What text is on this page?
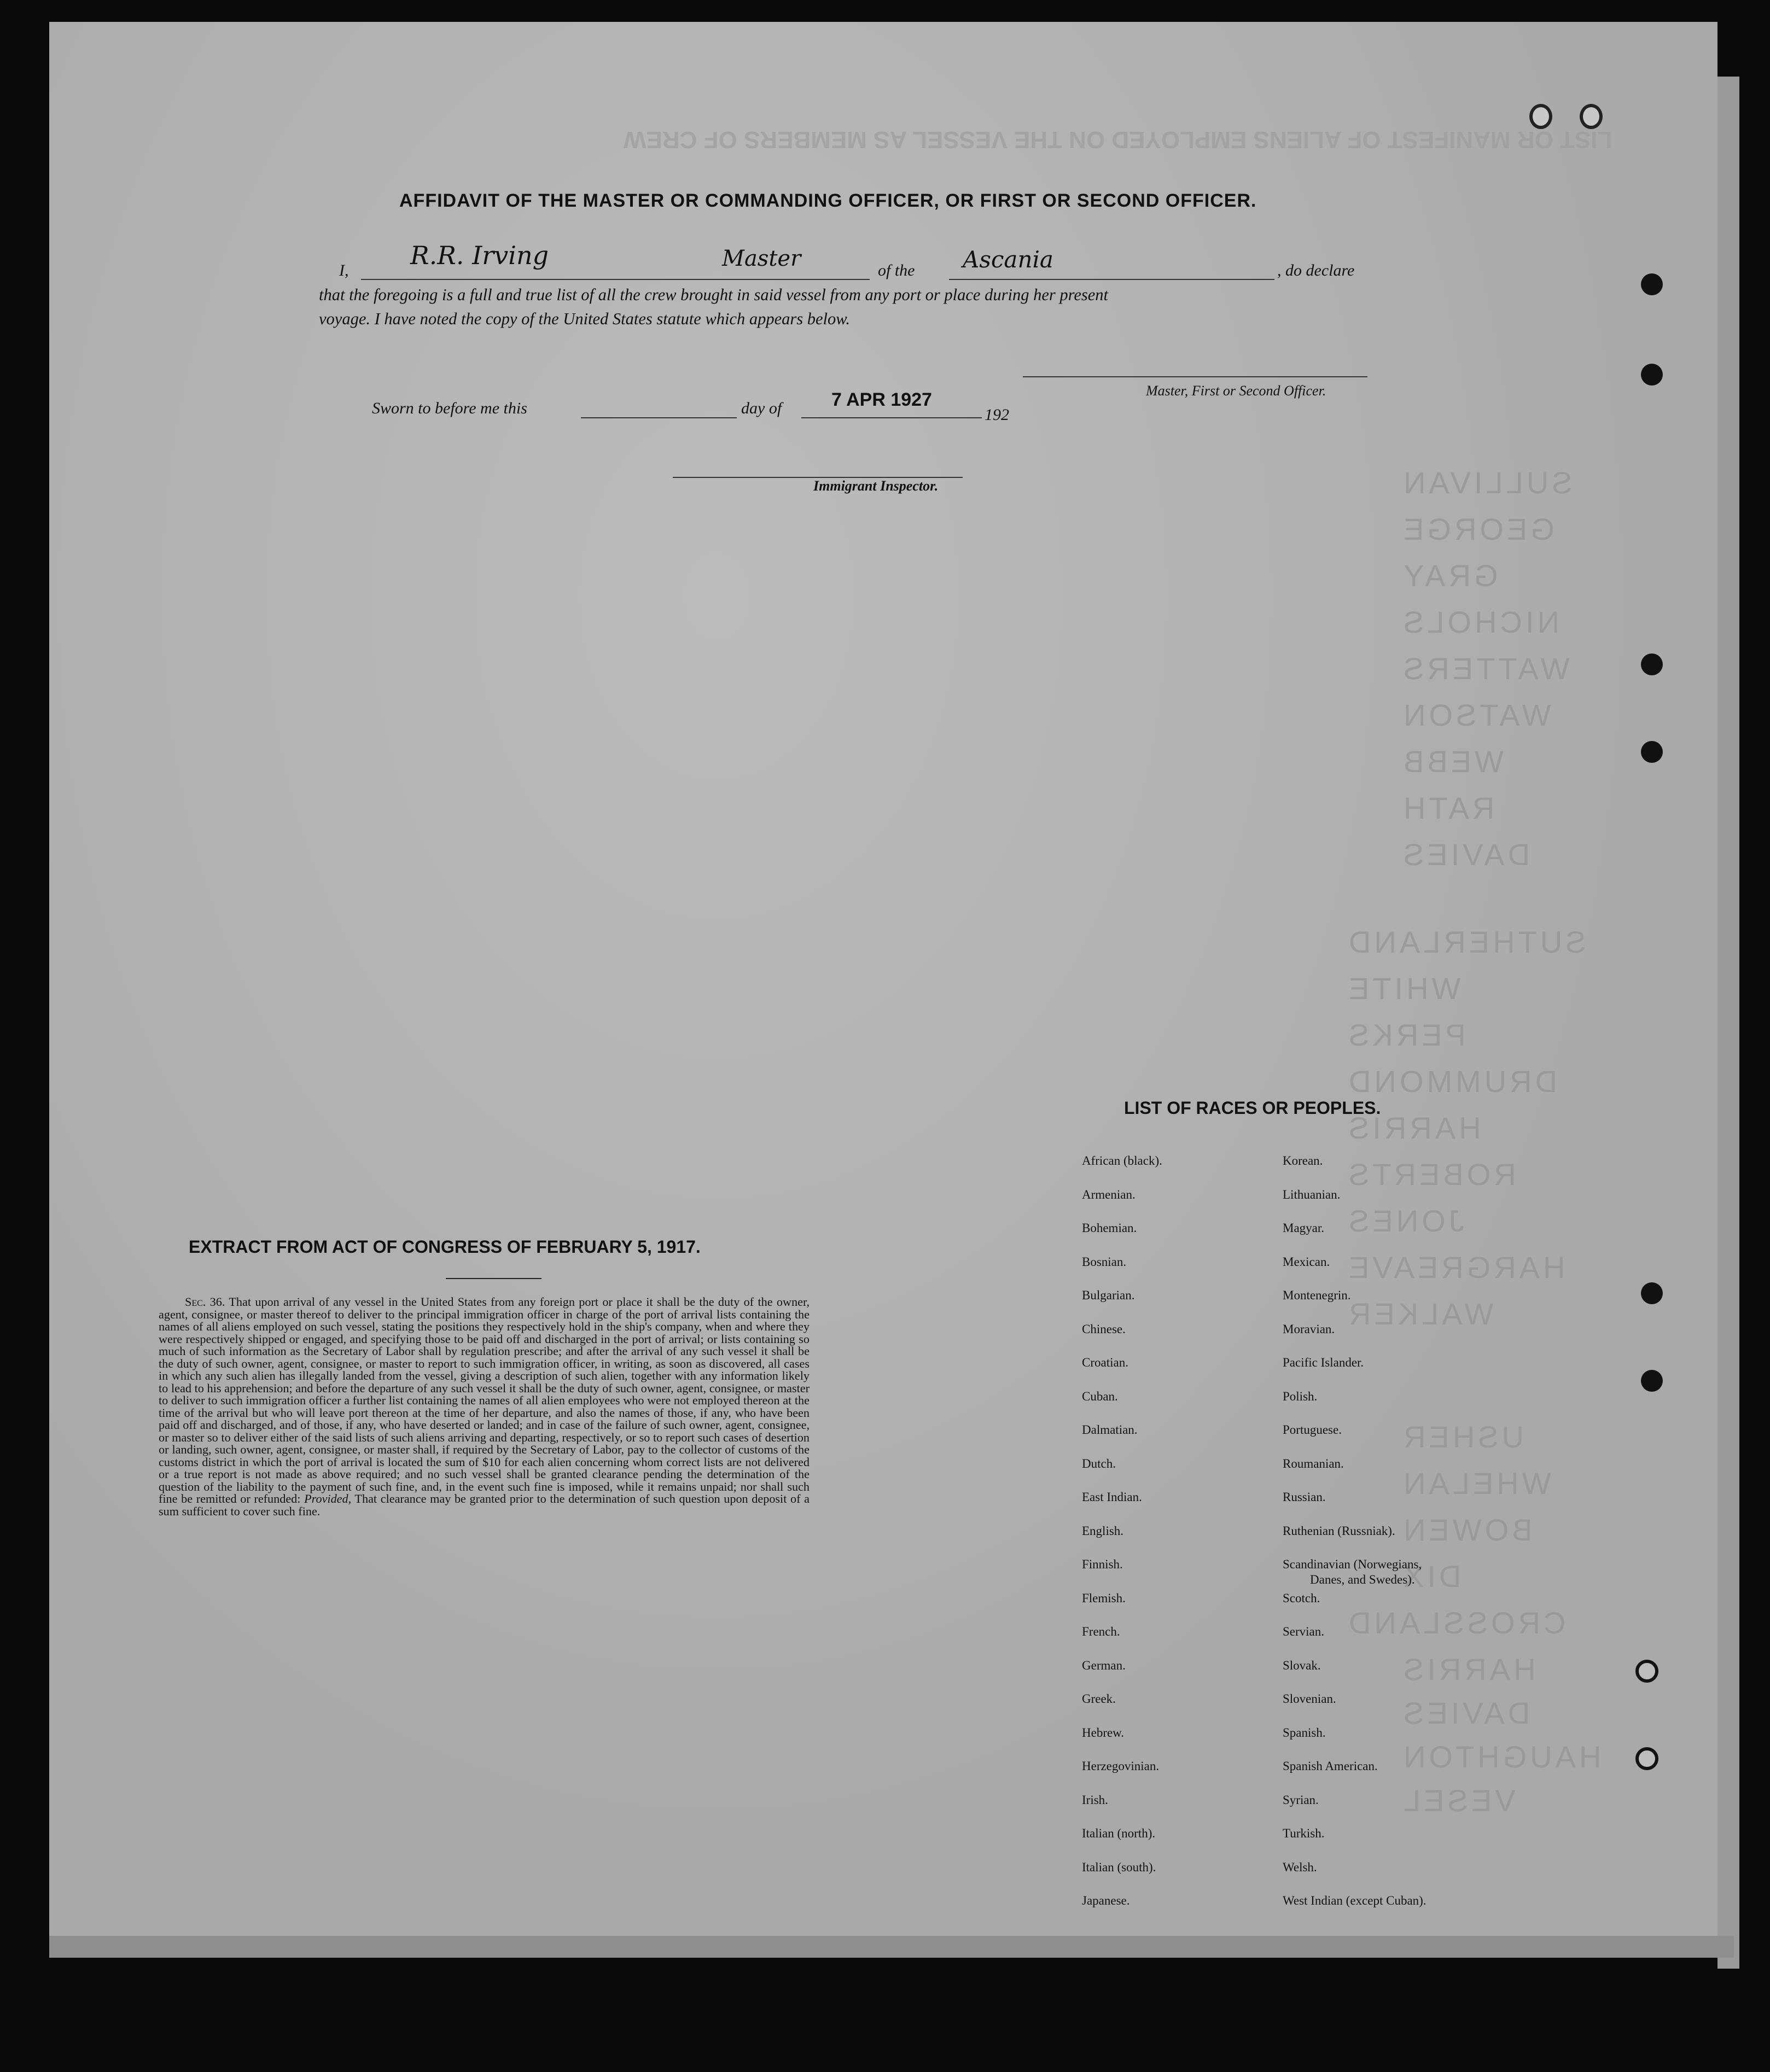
LIST OR MANIFEST OF ALIENS EMPLOYED ON THE VESSEL AS MEMBERS OF CREW
SULLIVAN
GEORGE
GRAY
NICHOLS
WATTERS
WATSON
WEBB
RATH
DAVIES
SUTHERLAND
WHITE
PERKS
DRUMMOND
HARRIS
ROBERTS
JONES
HARGREAVE
WALKER
USHER
WHELAN
BOWEN
DIX
CROSSLAND
HARRIS
DAVIES
HAUGHTON
VESEL
AFFIDAVIT OF THE MASTER OR COMMANDING OFFICER, OR FIRST OR SECOND OFFICER.
I,
R.R. Irving	Master	of the Ascania	, do declare
that the foregoing is a full and true list of all the crew brought in said vessel from any port or place during her present
voyage. I have noted the copy of the United States statute which appears below.
Master, First or Second Officer.
Sworn to before me this	day of	7 APR 1927
192
Immigrant Inspector.
EXTRACT FROM ACT OF CONGRESS OF FEBRUARY 5, 1917.
Sec. 36. That upon arrival of any vessel in the United States from any foreign port or place it shall be the duty of the owner, agent, consignee, or master thereof to deliver to the principal immigration officer in charge of the port of arrival lists containing the names of all aliens employed on such vessel, stating the positions they respectively hold in the ship's company, when and where they were respectively shipped or engaged, and specifying those to be paid off and discharged in the port of arrival; or lists containing so much of such information as the Secretary of Labor shall by regulation prescribe; and after the arrival of any such vessel it shall be the duty of such owner, agent, consignee, or master to report to such immigration officer, in writing, as soon as discovered, all cases in which any such alien has illegally landed from the vessel, giving a description of such alien, together with any information likely to lead to his apprehension; and before the departure of any such vessel it shall be the duty of such owner, agent, consignee, or master to deliver to such immigration officer a further list containing the names of all alien employees who were not employed thereon at the time of the arrival but who will leave port thereon at the time of her departure, and also the names of those, if any, who have been paid off and discharged, and of those, if any, who have deserted or landed; and in case of the failure of such owner, agent, consignee, or master so to deliver either of the said lists of such aliens arriving and departing, respectively, or so to report such cases of desertion or landing, such owner, agent, consignee, or master shall, if required by the Secretary of Labor, pay to the collector of customs of the customs district in which the port of arrival is located the sum of $10 for each alien concerning whom correct lists are not delivered or a true report is not made as above required; and no such vessel shall be granted clearance pending the determination of the question of the liability to the payment of such fine, and, in the event such fine is imposed, while it remains unpaid; nor shall such fine be remitted or refunded: Provided, That clearance may be granted prior to the determination of such question upon deposit of a sum sufficient to cover such fine.
LIST OF RACES OR PEOPLES.
African (black).
Armenian.
Bohemian.
Bosnian.
Bulgarian.
Chinese.
Croatian.
Cuban.
Dalmatian.
Dutch.
East Indian.
English.
Finnish.
Flemish.
French.
German.
Greek.
Hebrew.
Herzegovinian.
Irish.
Italian (north).
Italian (south).
Japanese.
Korean.
Lithuanian.
Magyar.
Mexican.
Montenegrin.
Moravian.
Pacific Islander.
Polish.
Portuguese.
Roumanian.
Russian.
Ruthenian (Russniak).
Scandinavian (Norwegians,
Danes, and Swedes).
Scotch.
Servian.
Slovak.
Slovenian.
Spanish.
Spanish American.
Syrian.
Turkish.
Welsh.
West Indian (except Cuban).
